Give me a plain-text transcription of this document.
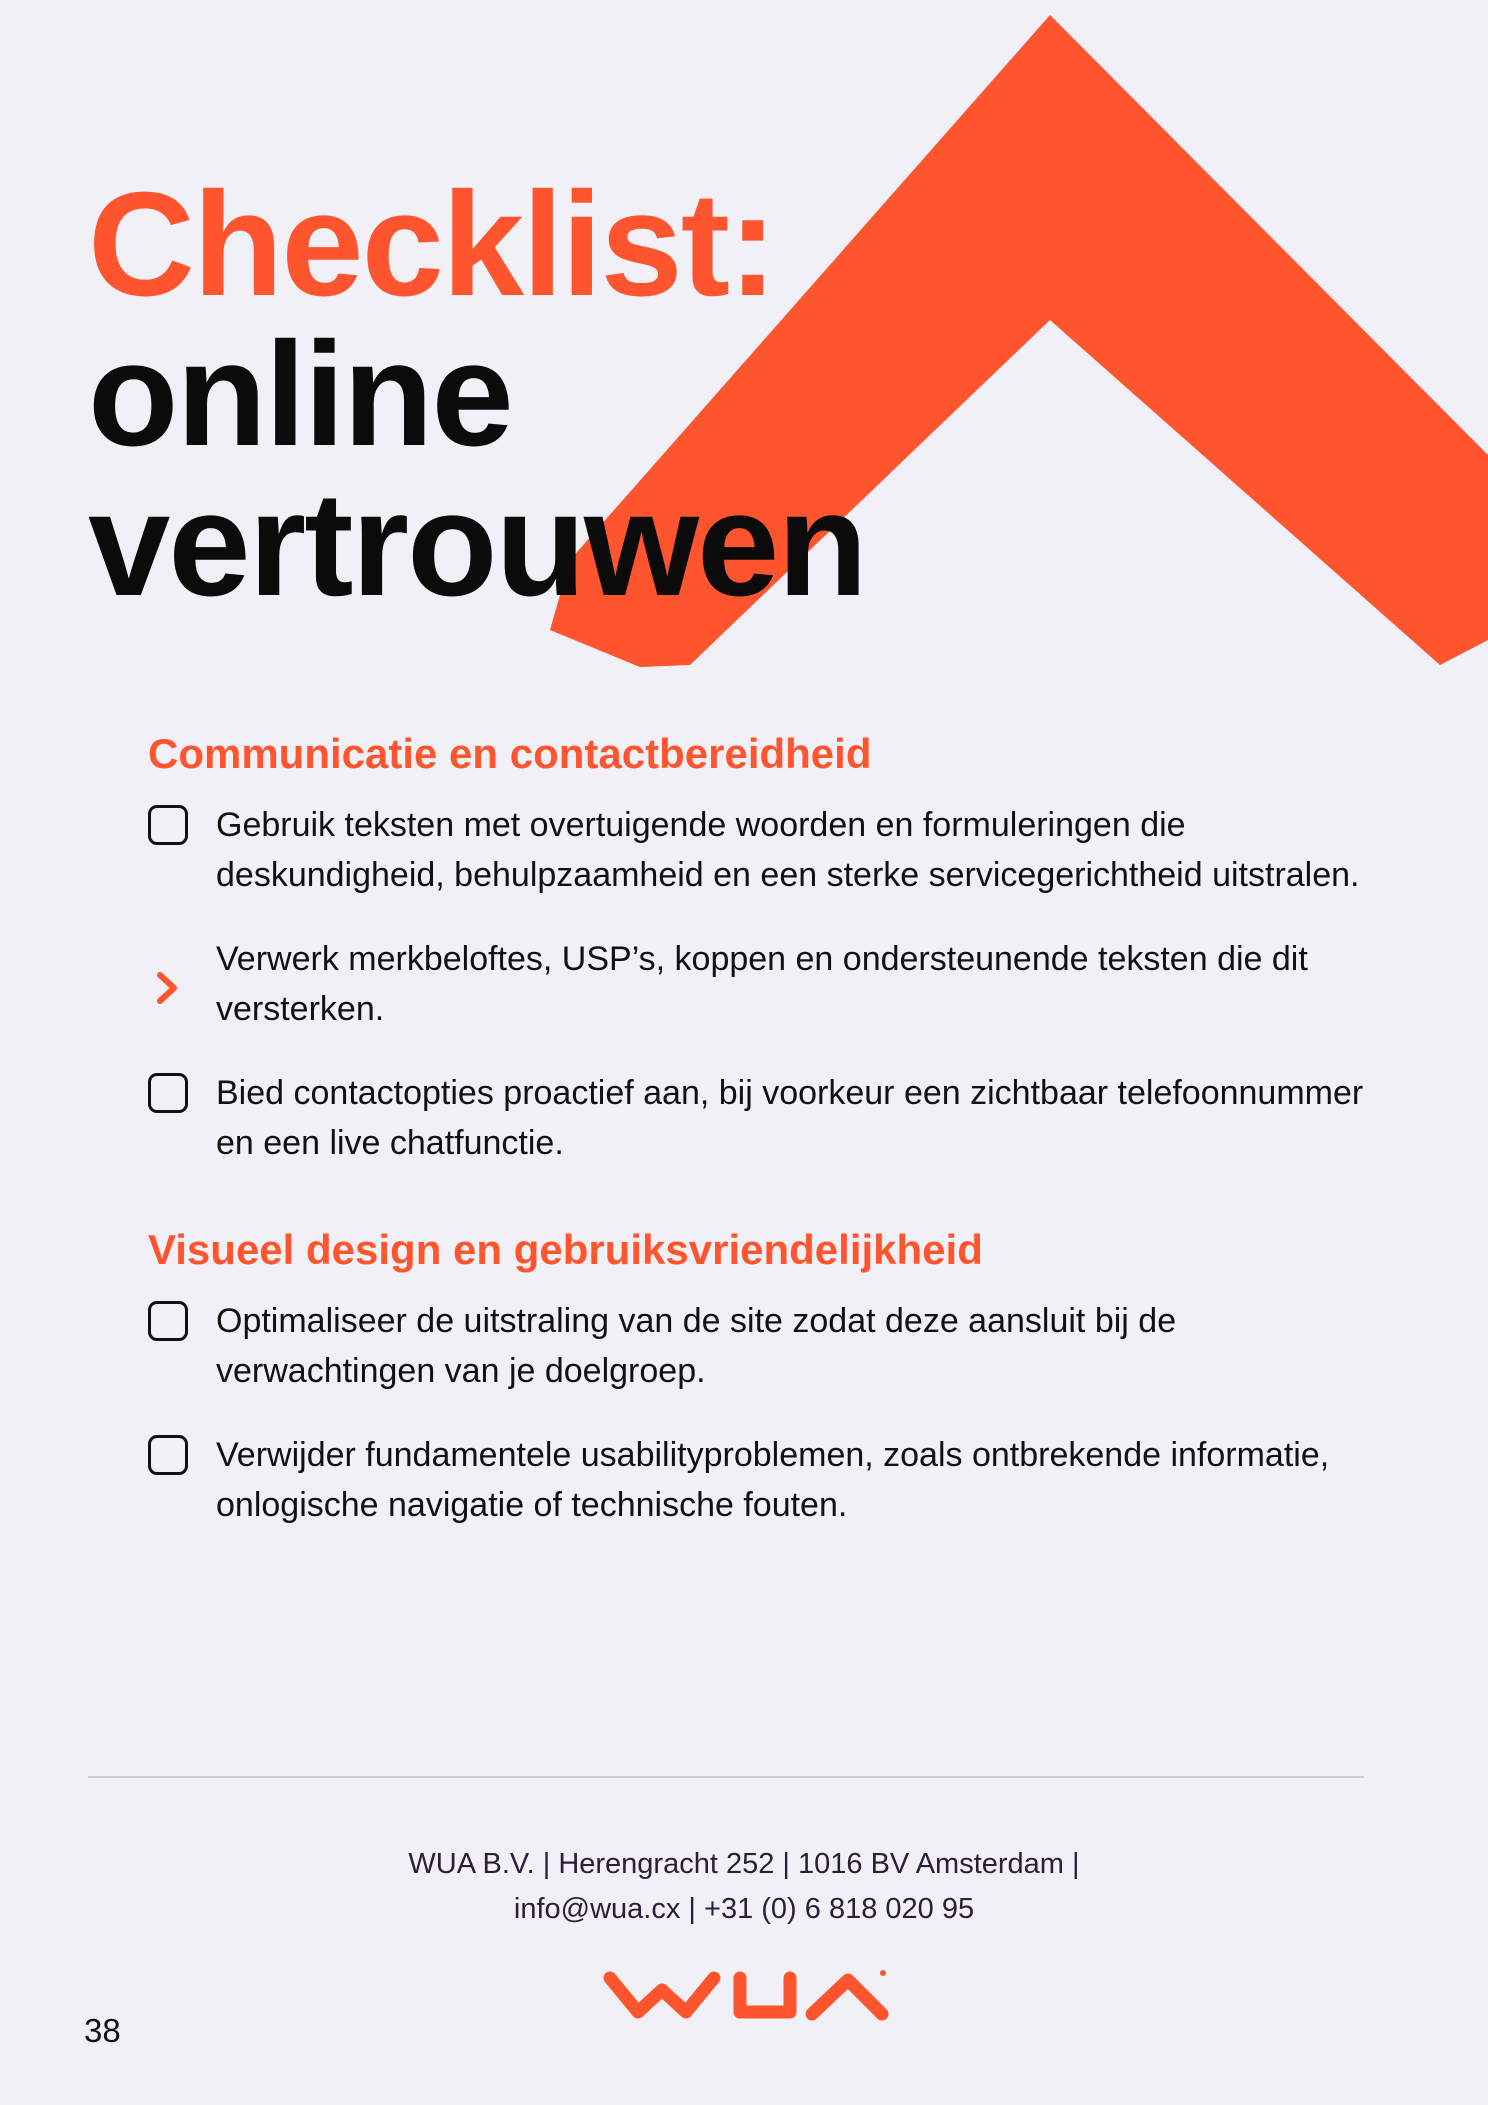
Checklist:
online
vertrouwen
Communicatie en contactbereidheid
Gebruik teksten met overtuigende woorden en formuleringen die deskundigheid, behulpzaamheid en een sterke servicegerichtheid uitstralen.
Verwerk merkbeloftes, USP’s, koppen en ondersteunende teksten die dit versterken.
Bied contactopties proactief aan, bij voorkeur een zichtbaar telefoonnummer en een live chatfunctie.
Visueel design en gebruiksvriendelijkheid
Optimaliseer de uitstraling van de site zodat deze aansluit bij de verwachtingen van je doelgroep.
Verwijder fundamentele usabilityproblemen, zoals ontbrekende informatie, onlogische navigatie of technische fouten.
WUA B.V. | Herengracht 252 | 1016 BV Amsterdam |
info@wua.cx | +31 (0) 6 818 020 95
38
